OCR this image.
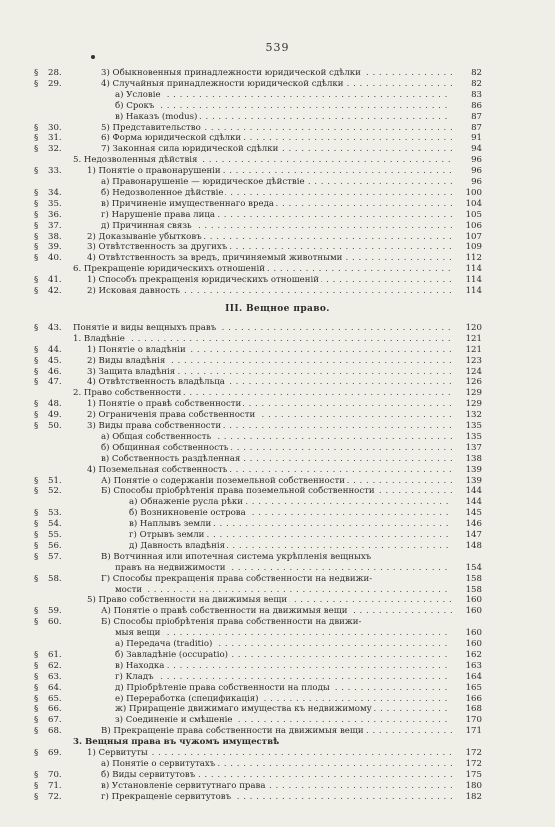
539
§	28.	3) Обыкновенныя принадлежности юридической сдѣлки . . .	82
§	29.	4) Случайныя принадлежности юридической сдѣлки . . .	82
а) Условіе . . .	83
б) Срокъ . . .	86
в) Наказъ (modus) . . .	87
§	30.	5) Представительство . . .	87
§	31.	6) Форма юридической сдѣлки . . .	91
§	32.	7) Законная сила юридической сдѣлки . . .	94
5. Недозволенныя дѣйствія . . .	96
§	33.	1) Понятіе о правонарушеніи . . .	96
а) Правонарушеніе — юридическое дѣйствіе . . .	96
§	34.	б) Недозволенное дѣйствіе . . .	100
§	35.	в) Причиненіе имущественнаго вреда . . .	104
§	36.	г) Нарушеніе права лица . . .	105
§	37.	д) Причинная связь . . .	106
§	38.	2) Доказываніе убытковъ . . .	107
§	39.	3) Отвѣтственность за другихъ . . .	109
§	40.	4) Отвѣтственность за вредъ, причиняемый животными . . .	112
6. Прекращеніе юридическихъ отношеній . . .	114
§	41.	1) Способъ прекращенія юридическихъ отношеній . . .	114
§	42.	2) Исковая давность . . .	114
§	43.	Понятіе и виды вещныхъ правъ . . .	120
1. Владѣніе . . .	121
§	44.	1) Понятіе о владѣніи . . .	121
§	45.	2) Виды владѣнія . . .	123
§	46.	3) Защита владѣнія . . .	124
§	47.	4) Отвѣтственность владѣльца . . .	126
2. Право собственности . . .	129
§	48.	1) Понятіе о правѣ собственности . . .	129
§	49.	2) Ограниченія права собственности . . .	132
§	50.	3) Виды права собственности . . .	135
а) Общая собственность . . .	135
б) Общинная собственность . . .	137
в) Собственность раздѣленная . . .	138
4) Поземельная собственность . . .	139
§	51.	А) Понятіе о содержаніи поземельной собственности . . .	139
§	52.	Б) Способы пріобрѣтенія права поземельной собственности . . .	144
а) Обнаженіе русла рѣки . . .	144
§	53.	б) Возникновеніе острова . . .	145
§	54.	в) Наплывъ земли . . .	146
§	55.	г) Отрывъ земли . . .	147
§	56.	д) Давность владѣнія . . .	148
§	57.	В) Вотчинная или ипотечная система укрѣпленія вещныхъ
правъ на недвижимости . . .	154
§	58.	Г) Способы прекращенія права собственности на недвижи-	158
мости . . .	158
5) Право собственности на движимыя вещи . . .	160
§	59.	А) Понятіе о правѣ собственности на движимыя вещи . . .	160
§	60.	Б) Способы пріобрѣтенія права собственности на движи-
мыя вещи . . .	160
а) Передача (traditio) . . .	160
§	61.	б) Завладѣніе (occupatio) . . .	162
§	62.	в) Находка . . .	163
§	63.	г) Кладъ . . .	164
§	64.	д) Пріобрѣтеніе права собственности на плоды . . .	165
§	65.	е) Переработка (спецификація) . . .	166
§	66.	ж) Приращеніе движимаго имущества къ недвижимому . . .	168
§	67.	з) Соединеніе и смѣшеніе . . .	170
§	68.	В) Прекращеніе права собственности на движимыя вещи . . .	171
3. Вещныя права въ чужомъ имуществѣ
§	69.	1) Сервитуты . . .	172
а) Понятіе о сервитутахъ . . .	172
§	70.	б) Виды сервитутовъ . . .	175
§	71.	в) Установленіе сервитутнаго права . . .	180
§	72.	г) Прекращеніе сервитутовъ . . .	182
III. Вещное право.
